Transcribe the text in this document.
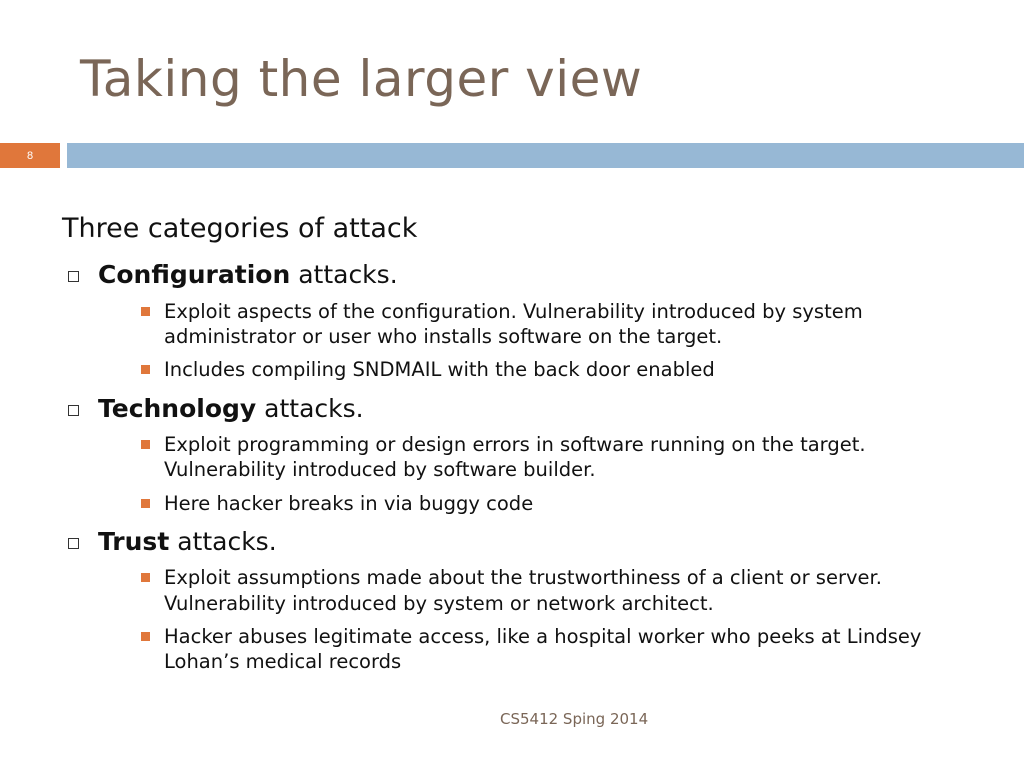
Taking the larger view
8

Three categories of attack

Configuration attacks.

Exploit aspects of the configuration. Vulnerability introduced by system administrator or user who installs software on the target.
Includes compiling SNDMAIL with the back door enabled

Technology attacks.

Exploit programming or design errors in software running on the target. Vulnerability introduced by software builder.
Here hacker breaks in via buggy code

Trust attacks.

Exploit assumptions made about the trustworthiness of a client or server. Vulnerability introduced by system or network architect.
Hacker abuses legitimate access, like a hospital worker who peeks at Lindsey Lohan’s medical records
CS5412 Sping 2014
